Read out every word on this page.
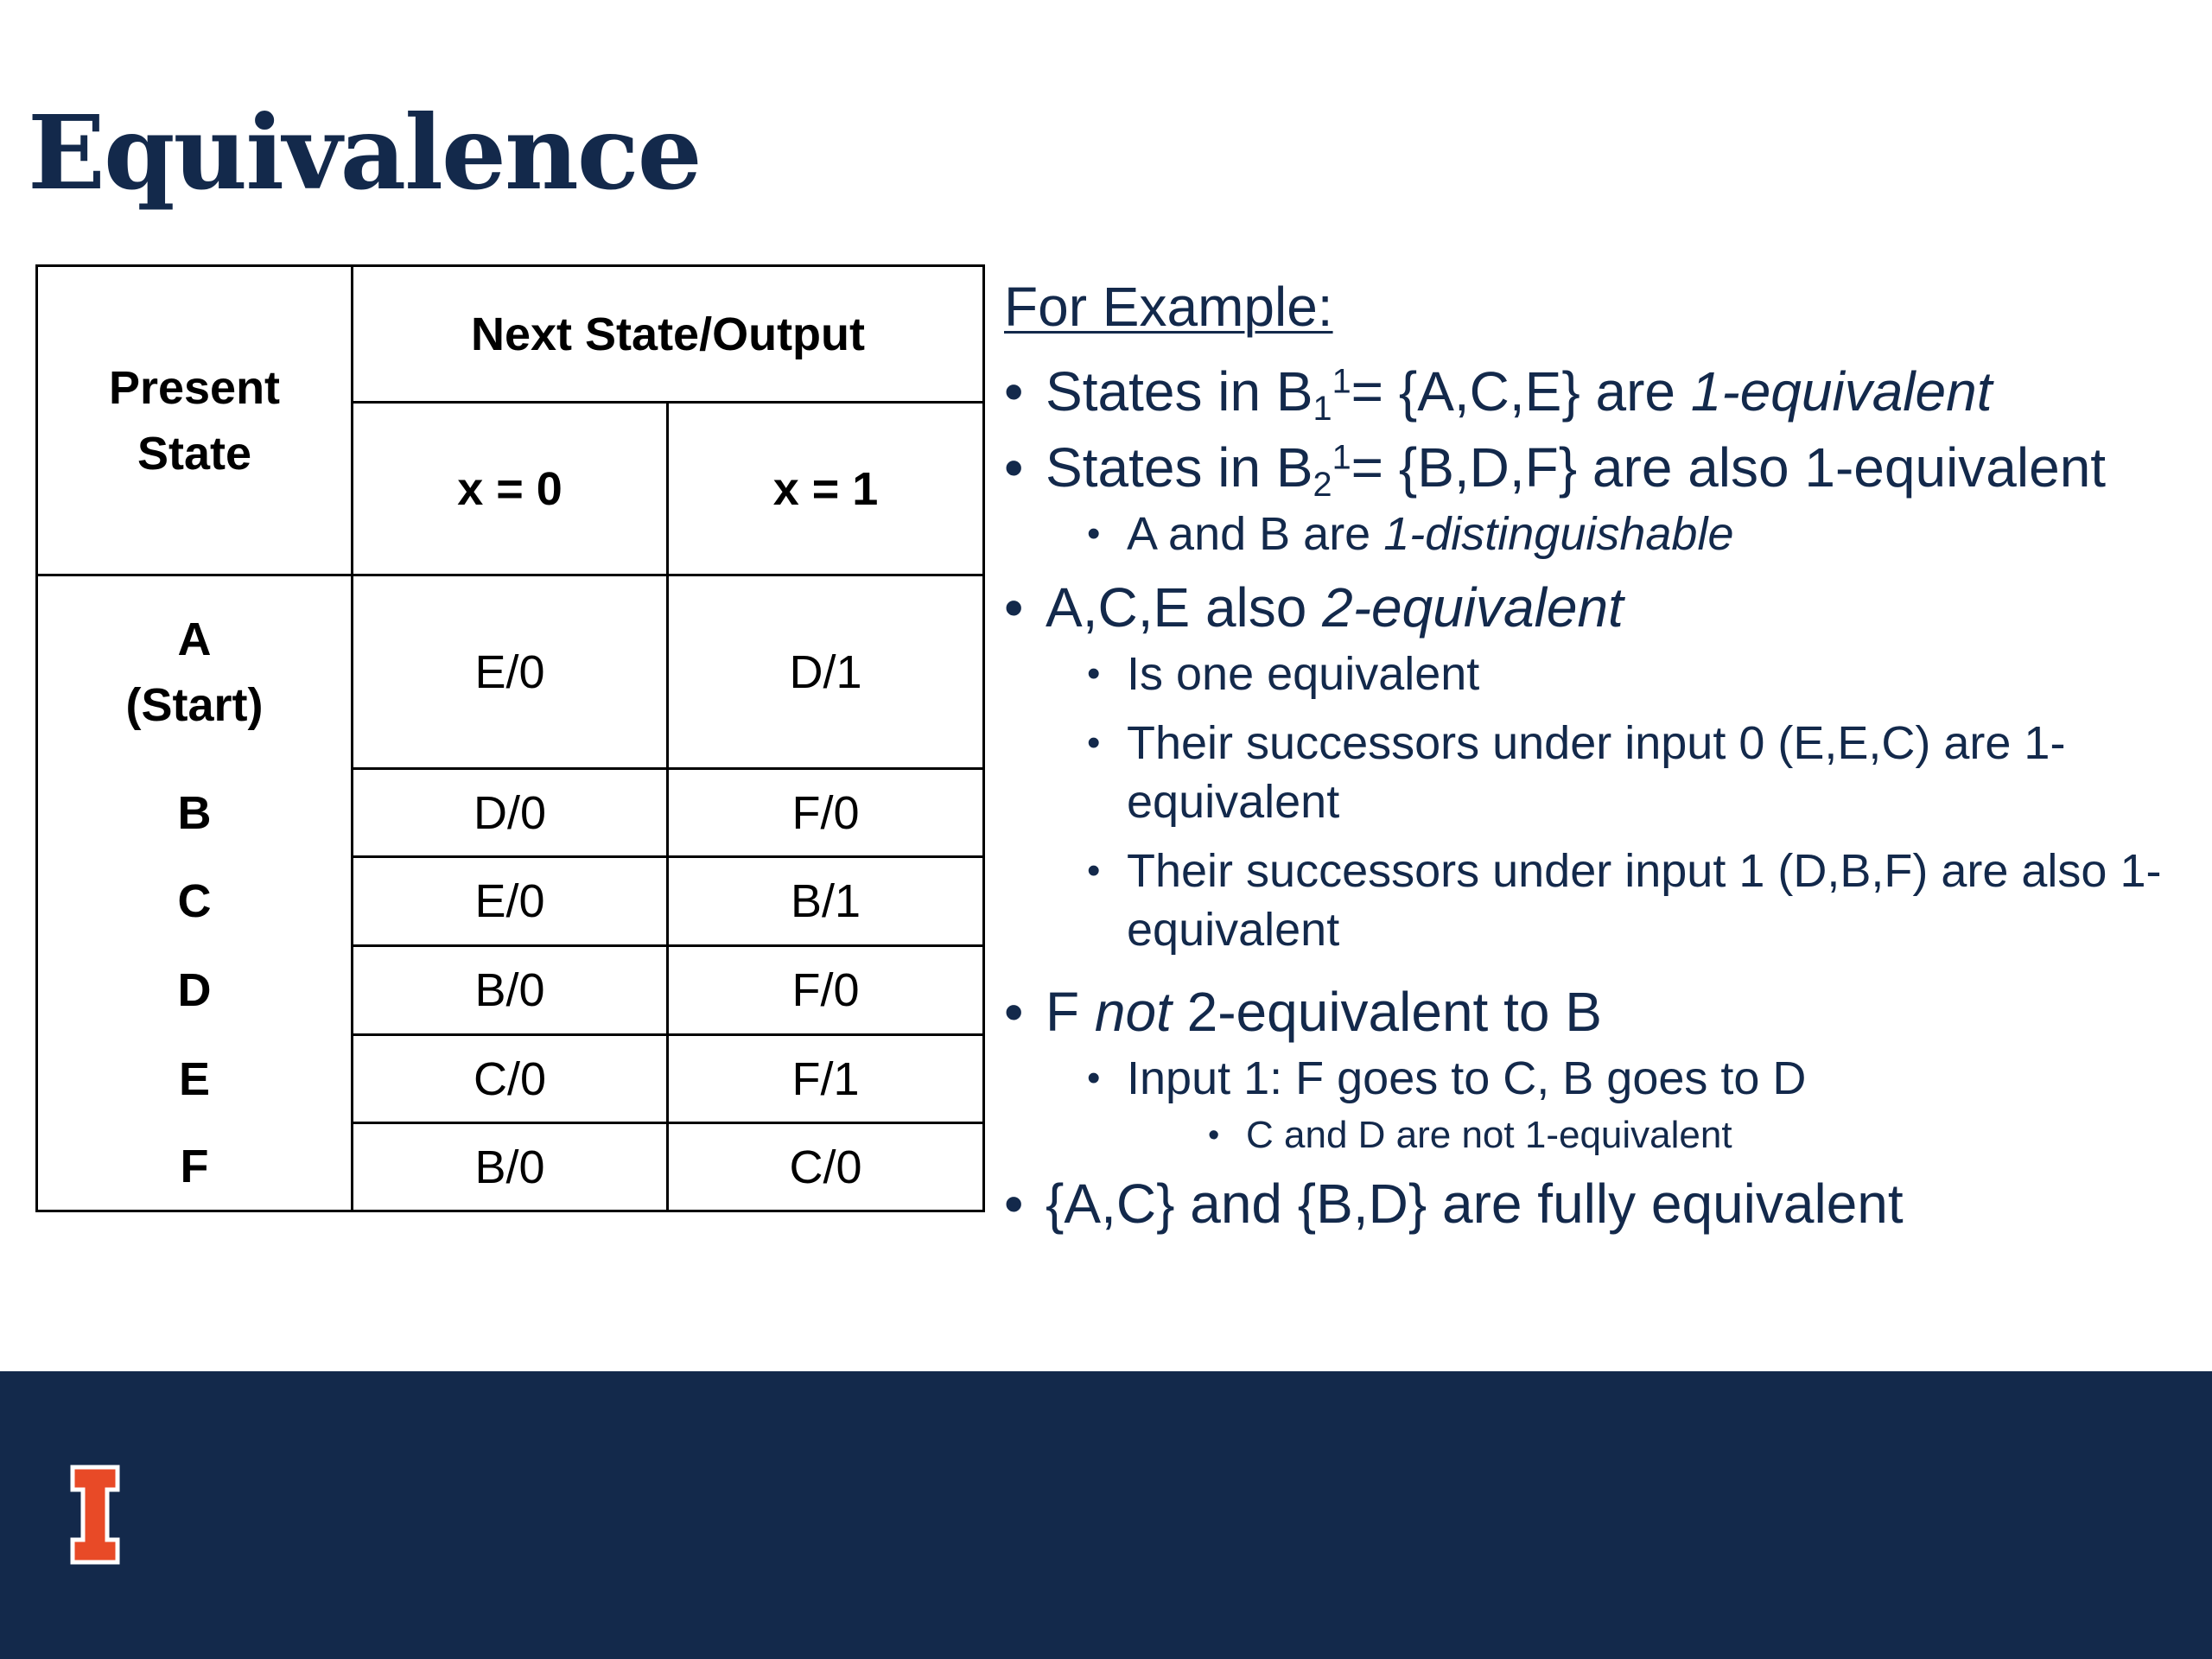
Equivalence
Present
State	Next State/Output	
	x = 0	x = 1
A
(Start)	E/0	D/1
B	D/0	F/0
C	E/0	B/1
D	B/0	F/0
E	C/0	F/1
F	B/0	C/0
For Example:
• States in $B_1^1= \{A,C,E\}$ are 1-equivalent
• States in $B_2^1= \{B,D,F\}$ are also 1-equivalent
• A and B are 1-distinguishable
• A,C,E also 2-equivalent
• Is one equivalent
• Their successors under input 0 (E,E,C) are 1-equivalent
• Their successors under input 1 (D,B,F) are also 1-equivalent
• F not 2-equivalent to B
• Input 1: F goes to C, B goes to D
• C and D are not 1-equivalent
• {A,C} and {B,D} are fully equivalent
